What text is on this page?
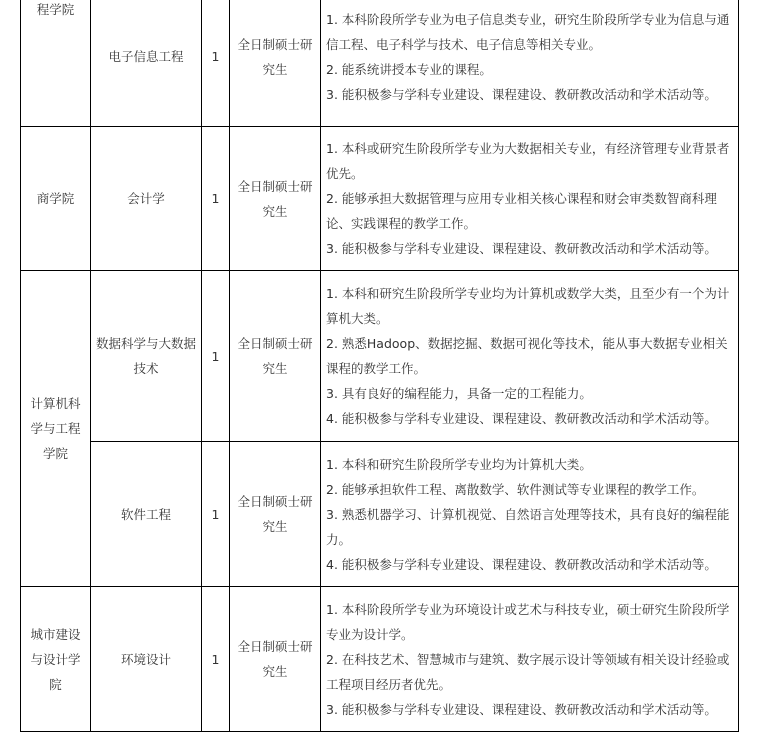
程学院	电子信息工程	1	全日制硕士研究生	1. 本科阶段所学专业为电子信息类专业，研究生阶段所学专业为信息与通信工程、电子科学与技术、电子信息等相关专业。
2. 能系统讲授本专业的课程。
3. 能积极参与学科专业建设、课程建设、教研教改活动和学术活动等。

商学院	会计学	1	全日制硕士研究生	1. 本科或研究生阶段所学专业为大数据相关专业，有经济管理专业背景者优先。
2. 能够承担大数据管理与应用专业相关核心课程和财会审类数智商科理论、实践课程的教学工作。
3. 能积极参与学科专业建设、课程建设、教研教改活动和学术活动等。

计算机科学与工程学院	数据科学与大数据技术	1	全日制硕士研究生	1. 本科和研究生阶段所学专业均为计算机或数学大类，且至少有一个为计算机大类。
2. 熟悉Hadoop、数据挖掘、数据可视化等技术，能从事大数据专业相关课程的教学工作。
3. 具有良好的编程能力，具备一定的工程能力。
4. 能积极参与学科专业建设、课程建设、教研教改活动和学术活动等。

	软件工程	1	全日制硕士研究生	1. 本科和研究生阶段所学专业均为计算机大类。
2. 能够承担软件工程、离散数学、软件测试等专业课程的教学工作。
3. 熟悉机器学习、计算机视觉、自然语言处理等技术，具有良好的编程能力。
4. 能积极参与学科专业建设、课程建设、教研教改活动和学术活动等。

城市建设与设计学院	环境设计	1	全日制硕士研究生	1. 本科阶段所学专业为环境设计或艺术与科技专业，硕士研究生阶段所学专业为设计学。
2. 在科技艺术、智慧城市与建筑、数字展示设计等领域有相关设计经验或工程项目经历者优先。
3. 能积极参与学科专业建设、课程建设、教研教改活动和学术活动等。
